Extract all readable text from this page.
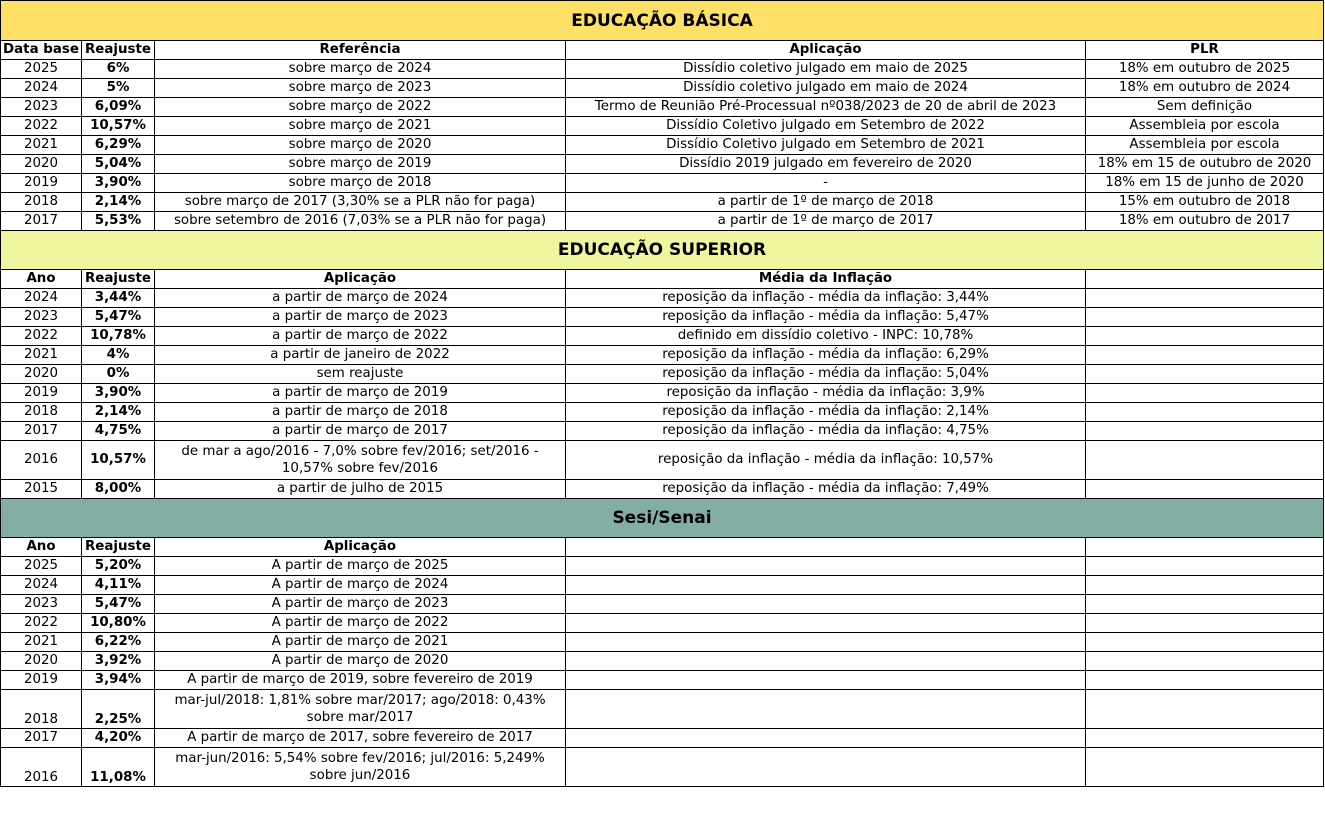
EDUCAÇÃO BÁSICA				
Data base	Reajuste	Referência	Aplicação	PLR
2025	6%	sobre março de 2024	Dissídio coletivo julgado em maio de 2025	18% em outubro de 2025
2024	5%	sobre março de 2023	Dissídio coletivo julgado em maio de 2024	18% em outubro de 2024
2023	6,09%	sobre março de 2022	Termo de Reunião Pré-Processual nº038/2023 de 20 de abril de 2023	Sem definição
2022	10,57%	sobre março de 2021	Dissídio Coletivo julgado em Setembro de 2022	Assembleia por escola
2021	6,29%	sobre março de 2020	Dissídio Coletivo julgado em Setembro de 2021	Assembleia por escola
2020	5,04%	sobre março de 2019	Dissídio 2019 julgado em fevereiro de 2020	18% em 15 de outubro de 2020
2019	3,90%	sobre março de 2018	-	18% em 15 de junho de 2020
2018	2,14%	sobre março de 2017 (3,30% se a PLR não for paga)	a partir de 1º de março de 2018	15% em outubro de 2018
2017	5,53%	sobre setembro de 2016 (7,03% se a PLR não for paga)	a partir de 1º de março de 2017	18% em outubro de 2017
EDUCAÇÃO SUPERIOR				
Ano	Reajuste	Aplicação	Média da Inflação	
2024	3,44%	a partir de março de 2024	reposição da inflação - média da inflação: 3,44%	
2023	5,47%	a partir de março de 2023	reposição da inflação - média da inflação: 5,47%	
2022	10,78%	a partir de março de 2022	definido em dissídio coletivo - INPC: 10,78%	
2021	4%	a partir de janeiro de 2022	reposição da inflação - média da inflação: 6,29%	
2020	0%	sem reajuste	reposição da inflação - média da inflação: 5,04%	
2019	3,90%	a partir de março de 2019	reposição da inflação - média da inflação: 3,9%	
2018	2,14%	a partir de março de 2018	reposição da inflação - média da inflação: 2,14%	
2017	4,75%	a partir de março de 2017	reposição da inflação - média da inflação: 4,75%	
2016	10,57%	de mar a ago/2016 - 7,0% sobre fev/2016; set/2016 - 10,57% sobre fev/2016	reposição da inflação - média da inflação: 10,57%	
2015	8,00%	a partir de julho de 2015	reposição da inflação - média da inflação: 7,49%	
Sesi/Senai				
Ano	Reajuste	Aplicação		
2025	5,20%	A partir de março de 2025		
2024	4,11%	A partir de março de 2024		
2023	5,47%	A partir de março de 2023		
2022	10,80%	A partir de março de 2022		
2021	6,22%	A partir de março de 2021		
2020	3,92%	A partir de março de 2020		
2019	3,94%	A partir de março de 2019, sobre fevereiro de 2019		
2018	2,25%	mar-jul/2018: 1,81% sobre mar/2017; ago/2018: 0,43% sobre mar/2017		
2017	4,20%	A partir de março de 2017, sobre fevereiro de 2017		
2016	11,08%	mar-jun/2016: 5,54% sobre fev/2016; jul/2016: 5,249% sobre jun/2016		
